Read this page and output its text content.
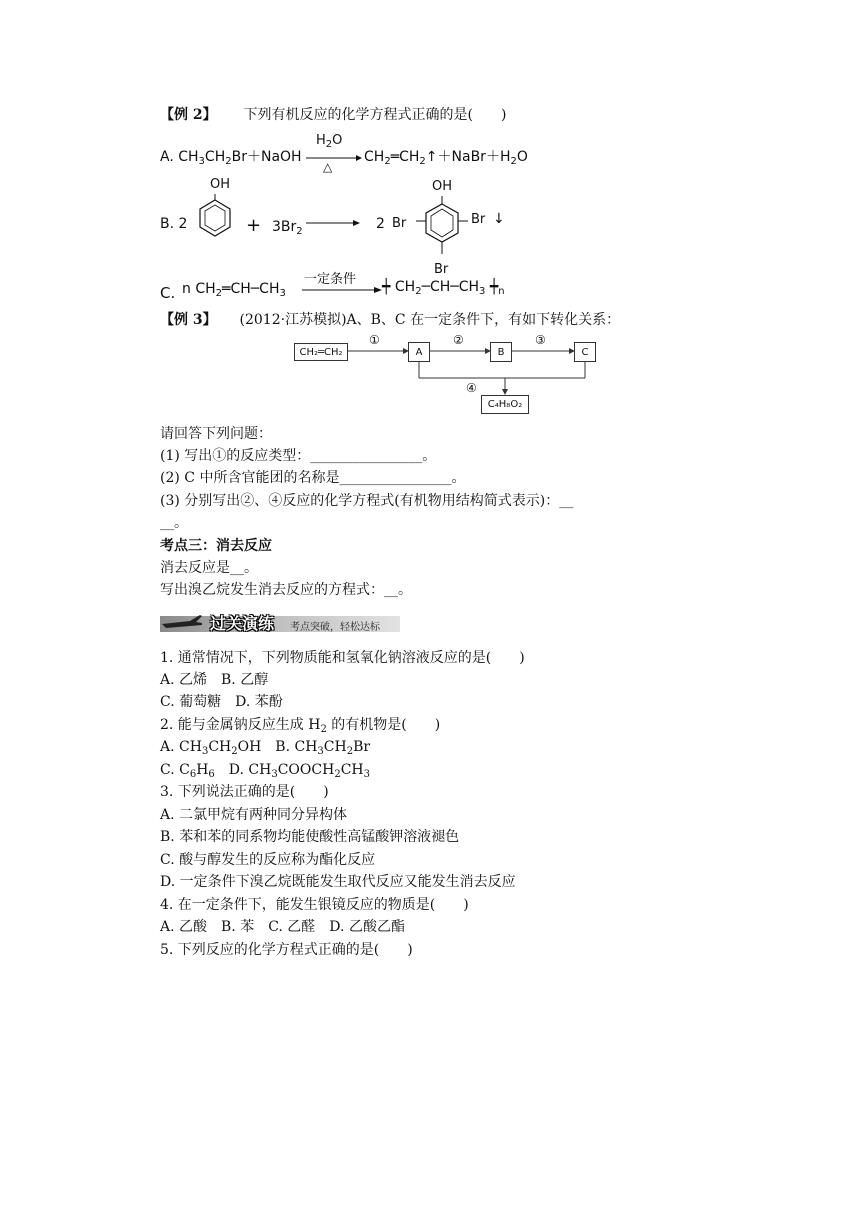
【例 2】 下列有机反应的化学方程式正确的是(　　)
A. $CH_3CH_2Br+NaOH$
$H_2O$
△
$CH_2═CH_2↑+NaBr+H_2O$
B. 2
OH
+ $3Br_2$	2 Br
OH
Br ↓
Br
C. n $CH_2═CH─CH_3$
一定条件 ┿ $CH_2─CH─CH_3$ $┿_n$
【例 3】 (2012·江苏模拟)A、B、C 在一定条件下，有如下转化关系：
CH₂═CH₂	A	B	C
C₄H₈O₂
①	②	③
④
请回答下列问题：
(1) 写出①的反应类型：________________。
(2) C 中所含官能团的名称是________________。
(3) 分别写出②、④反应的化学方程式(有机物用结构简式表示)：__
__。
考点三：消去反应
消去反应是__。
写出溴乙烷发生消去反应的方程式：__。
过关演练 考点突破，轻松达标
1. 通常情况下，下列物质能和氢氧化钠溶液反应的是(　　)
A. 乙烯　B. 乙醇
C. 葡萄糖　D. 苯酚
2. 能与金属钠反应生成 $H_2$ 的有机物是(　　)
A. $CH_3CH_2OH$　B. $CH_3CH_2Br$
C. $C_6H_6$　D. $CH_3COOCH_2CH_3$
3. 下列说法正确的是(　　)
A. 二氯甲烷有两种同分异构体
B. 苯和苯的同系物均能使酸性高锰酸钾溶液褪色
C. 酸与醇发生的反应称为酯化反应
D. 一定条件下溴乙烷既能发生取代反应又能发生消去反应
4. 在一定条件下，能发生银镜反应的物质是(　　)
A. 乙酸　B. 苯　C. 乙醛　D. 乙酸乙酯
5. 下列反应的化学方程式正确的是(　　)
